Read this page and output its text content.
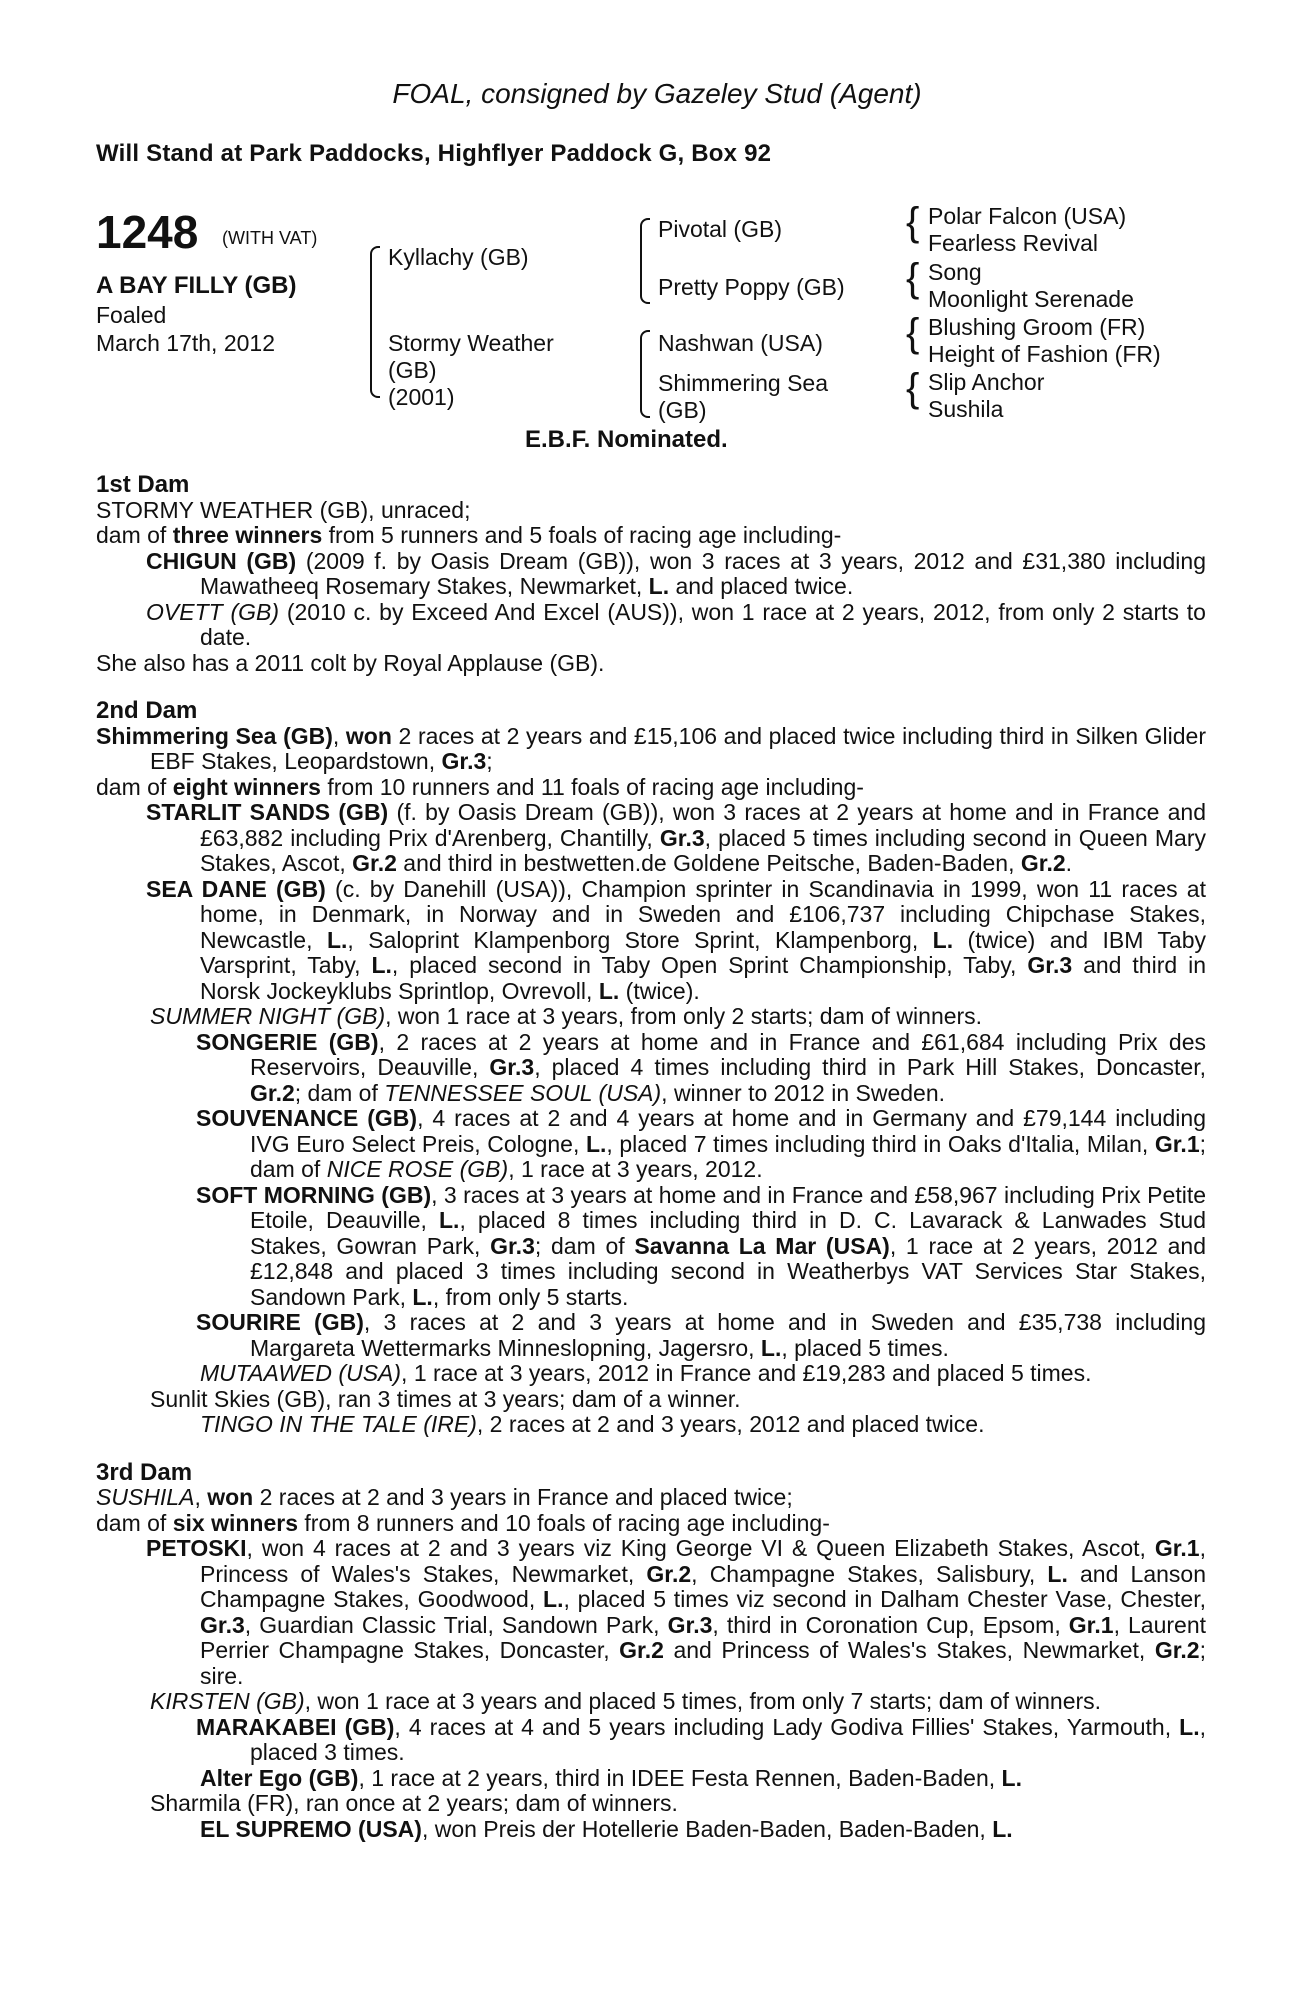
FOAL, consigned by Gazeley Stud (Agent)
Will Stand at Park Paddocks, Highflyer Paddock G, Box 92
1248 (WITH VAT)
A BAY FILLY (GB)
Foaled
March 17th, 2012
Kyllachy (GB)
Stormy Weather
(GB)
(2001)
Pivotal (GB)
Pretty Poppy (GB)
Nashwan (USA)
Shimmering Sea
(GB)
{ Polar Falcon (USA)
Fearless Revival
{ Song
Moonlight Serenade
{ Blushing Groom (FR)
Height of Fashion (FR)
{ Slip Anchor
Sushila
E.B.F. Nominated.

1st Dam

STORMY WEATHER (GB), unraced;

dam of three winners from 5 runners and 5 foals of racing age including-

CHIGUN (GB) (2009 f. by Oasis Dream (GB)), won 3 races at 3 years, 2012 and £31,380 including Mawatheeq Rosemary Stakes, Newmarket, L. and placed twice.

OVETT (GB) (2010 c. by Exceed And Excel (AUS)), won 1 race at 2 years, 2012, from only 2 starts to date.

She also has a 2011 colt by Royal Applause (GB).

2nd Dam

Shimmering Sea (GB), won 2 races at 2 years and £15,106 and placed twice including third in Silken Glider EBF Stakes, Leopardstown, Gr.3;

dam of eight winners from 10 runners and 11 foals of racing age including-

STARLIT SANDS (GB) (f. by Oasis Dream (GB)), won 3 races at 2 years at home and in France and £63,882 including Prix d'Arenberg, Chantilly, Gr.3, placed 5 times including second in Queen Mary Stakes, Ascot, Gr.2 and third in bestwetten.de Goldene Peitsche, Baden-Baden, Gr.2.

SEA DANE (GB) (c. by Danehill (USA)), Champion sprinter in Scandinavia in 1999, won 11 races at home, in Denmark, in Norway and in Sweden and £106,737 including Chipchase Stakes, Newcastle, L., Saloprint Klampenborg Store Sprint, Klampenborg, L. (twice) and IBM Taby Varsprint, Taby, L., placed second in Taby Open Sprint Championship, Taby, Gr.3 and third in Norsk Jockeyklubs Sprintlop, Ovrevoll, L. (twice).

SUMMER NIGHT (GB), won 1 race at 3 years, from only 2 starts; dam of winners.

SONGERIE (GB), 2 races at 2 years at home and in France and £61,684 including Prix des Reservoirs, Deauville, Gr.3, placed 4 times including third in Park Hill Stakes, Doncaster, Gr.2; dam of TENNESSEE SOUL (USA), winner to 2012 in Sweden.

SOUVENANCE (GB), 4 races at 2 and 4 years at home and in Germany and £79,144 including IVG Euro Select Preis, Cologne, L., placed 7 times including third in Oaks d'Italia, Milan, Gr.1; dam of NICE ROSE (GB), 1 race at 3 years, 2012.

SOFT MORNING (GB), 3 races at 3 years at home and in France and £58,967 including Prix Petite Etoile, Deauville, L., placed 8 times including third in D. C. Lavarack & Lanwades Stud Stakes, Gowran Park, Gr.3; dam of Savanna La Mar (USA), 1 race at 2 years, 2012 and £12,848 and placed 3 times including second in Weatherbys VAT Services Star Stakes, Sandown Park, L., from only 5 starts.

SOURIRE (GB), 3 races at 2 and 3 years at home and in Sweden and £35,738 including Margareta Wettermarks Minneslopning, Jagersro, L., placed 5 times.

MUTAAWED (USA), 1 race at 3 years, 2012 in France and £19,283 and placed 5 times.

Sunlit Skies (GB), ran 3 times at 3 years; dam of a winner.

TINGO IN THE TALE (IRE), 2 races at 2 and 3 years, 2012 and placed twice.

3rd Dam

SUSHILA, won 2 races at 2 and 3 years in France and placed twice;

dam of six winners from 8 runners and 10 foals of racing age including-

PETOSKI, won 4 races at 2 and 3 years viz King George VI & Queen Elizabeth Stakes, Ascot, Gr.1, Princess of Wales's Stakes, Newmarket, Gr.2, Champagne Stakes, Salisbury, L. and Lanson Champagne Stakes, Goodwood, L., placed 5 times viz second in Dalham Chester Vase, Chester, Gr.3, Guardian Classic Trial, Sandown Park, Gr.3, third in Coronation Cup, Epsom, Gr.1, Laurent Perrier Champagne Stakes, Doncaster, Gr.2 and Princess of Wales's Stakes, Newmarket, Gr.2; sire.

KIRSTEN (GB), won 1 race at 3 years and placed 5 times, from only 7 starts; dam of winners.

MARAKABEI (GB), 4 races at 4 and 5 years including Lady Godiva Fillies' Stakes, Yarmouth, L., placed 3 times.

Alter Ego (GB), 1 race at 2 years, third in IDEE Festa Rennen, Baden-Baden, L.

Sharmila (FR), ran once at 2 years; dam of winners.

EL SUPREMO (USA), won Preis der Hotellerie Baden-Baden, Baden-Baden, L.
